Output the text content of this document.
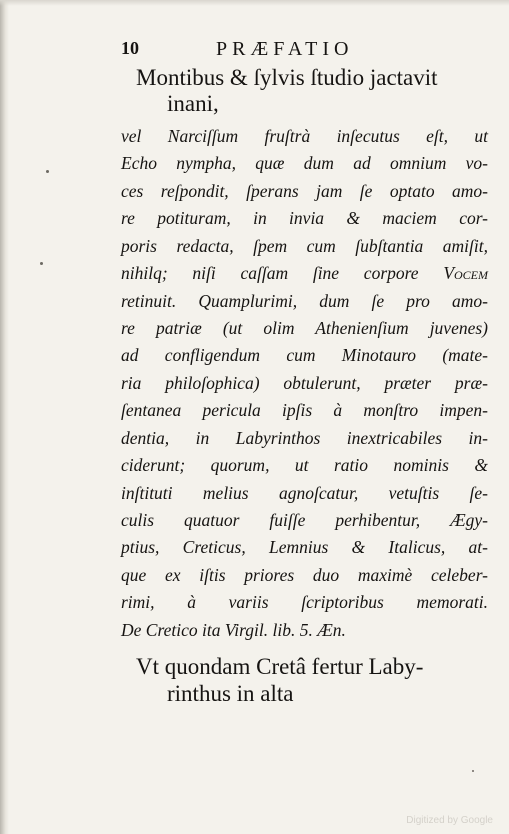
10	PRÆFATIO
Montibus & ſylvis ſtudio jactavit
inani,

vel Narciſſum fruſtrà inſecutus eſt, ut

Echo nympha, quæ dum ad omnium vo-

ces reſpondit, ſperans jam ſe optato amo-

re potituram, in invia & maciem cor-

poris redacta, ſpem cum ſubſtantia amiſit,

nihilq; niſi caſſam ſine corpore Vocem

retinuit. Quamplurimi, dum ſe pro amo-

re patriæ (ut olim Athenienſium juvenes)

ad confligendum cum Minotauro (mate-

ria philoſophica) obtulerunt, præter præ-

ſentanea pericula ipſis à monſtro impen-

dentia, in Labyrinthos inextricabiles in-

ciderunt; quorum, ut ratio nominis &

inſtituti melius agnoſcatur, vetuſtis ſe-

culis quatuor fuiſſe perhibentur, Ægy-

ptius, Creticus, Lemnius & Italicus, at-

que ex iſtis priores duo maximè celeber-

rimi, à variis ſcriptoribus memorati.

De Cretico ita Virgil. lib. 5. Æn.

Vt quondam Cretâ fertur Laby-
rinthus in alta
Digitized by Google
